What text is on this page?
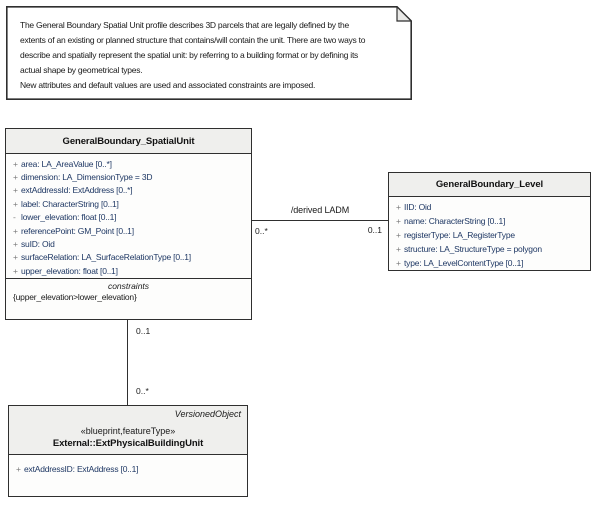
The General Boundary Spatial Unit profile describes 3D parcels that are legally defined by the
extents of an existing or planned structure that contains/will contain the unit. There are two ways to
describe and spatially represent the spatial unit: by referring to a building format or by defining its
actual shape by geometrical types.
New attributes and default values are used and associated constraints are imposed.
GeneralBoundary_SpatialUnit
+ area: LA_AreaValue [0..*]
+ dimension: LA_DimensionType = 3D
+ extAddressId: ExtAddress [0..*]
+ label: CharacterString [0..1]
- lower_elevation: float [0..1]
+ referencePoint: GM_Point [0..1]
+ suID: Oid
+ surfaceRelation: LA_SurfaceRelationType [0..1]
+ upper_elevation: float [0..1]
constraints
{upper_elevation>lower_elevation}
GeneralBoundary_Level
+ IID: Oid
+ name: CharacterString [0..1]
+ registerType: LA_RegisterType
+ structure: LA_StructureType = polygon
+ type: LA_LevelContentType [0..1]
VersionedObject
«blueprint,featureType»
External::ExtPhysicalBuildingUnit
+ extAddressID: ExtAddress [0..1]
/derived LADM
0..*	0..1
0..1
0..*
